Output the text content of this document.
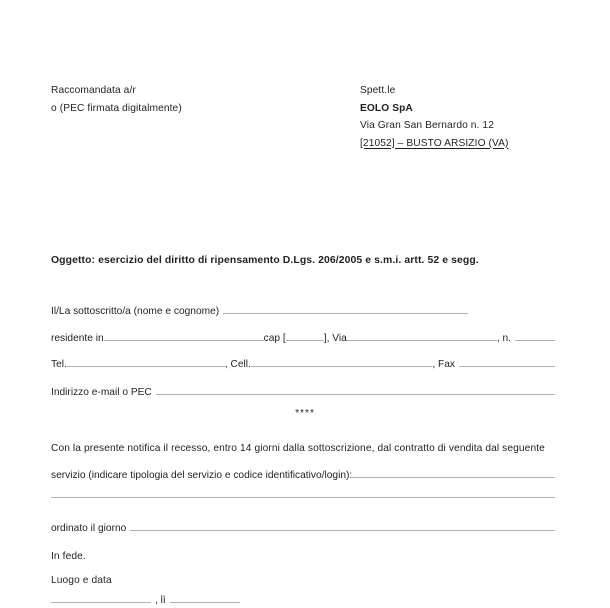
Raccomandata a/r
o (PEC firmata digitalmente)
Spett.le
EOLO SpA
Via Gran San Bernardo n. 12
[21052] – BUSTO ARSIZIO (VA)
Oggetto: esercizio del diritto di ripensamento D.Lgs. 206/2005 e s.m.i. artt. 52 e segg.
Il/La sottoscritto/a (nome e cognome)
residente in	cap [	], Via	, n.
Tel.	, Cell.	, Fax
Indirizzo e-mail o PEC
****
Con la presente notifica il recesso, entro 14 giorni dalla sottoscrizione, dal contratto di vendita dal seguente
servizio (indicare tipologia del servizio e codice identificativo/login):
ordinato il giorno
In fede.
Luogo e data
, lì
